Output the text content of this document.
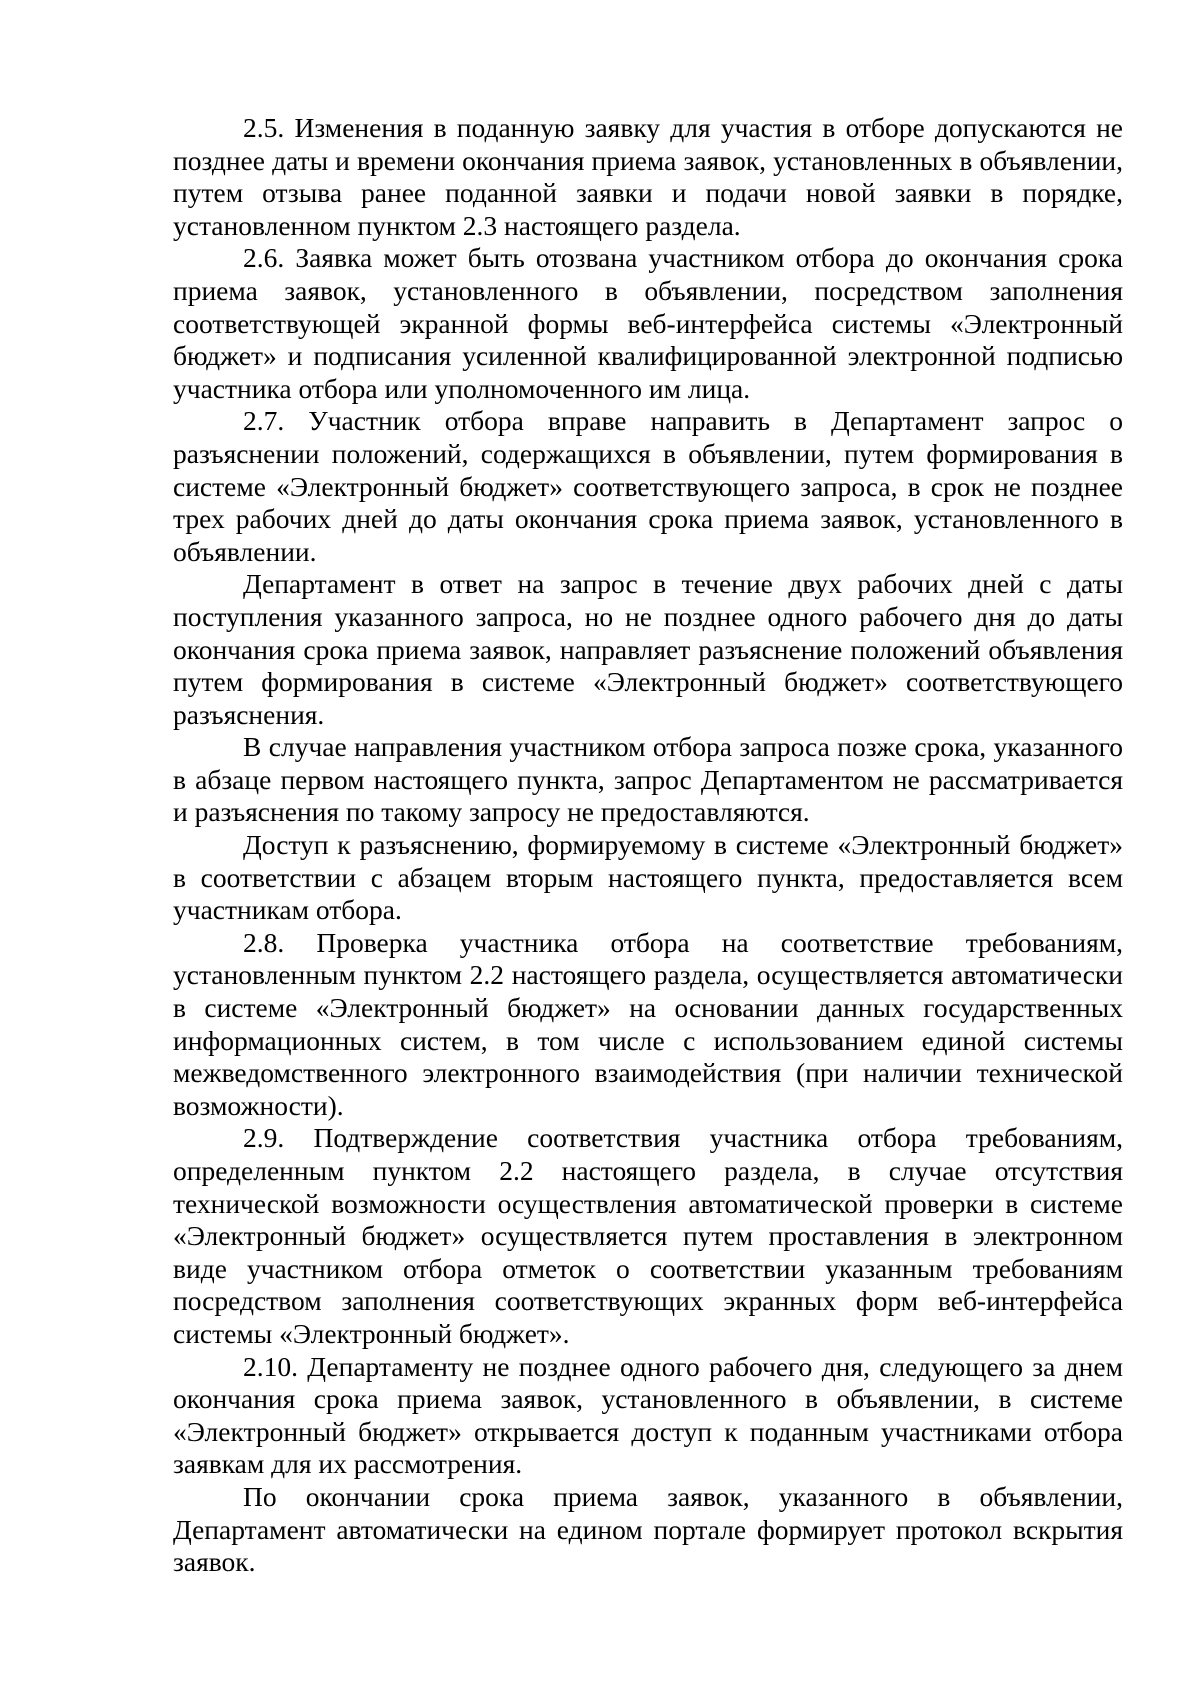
2.5. Изменения в поданную заявку для участия в отборе допускаются не позднее даты и времени окончания приема заявок, установленных в объявлении, путем отзыва ранее поданной заявки и подачи новой заявки в порядке, установленном пунктом 2.3 настоящего раздела.

2.6. Заявка может быть отозвана участником отбора до окончания срока приема заявок, установленного в объявлении, посредством заполнения соответствующей экранной формы веб-интерфейса системы «Электронный бюджет» и подписания усиленной квалифицированной электронной подписью участника отбора или уполномоченного им лица.

2.7. Участник отбора вправе направить в Департамент запрос о разъяснении положений, содержащихся в объявлении, путем формирования в системе «Электронный бюджет» соответствующего запроса, в срок не позднее трех рабочих дней до даты окончания срока приема заявок, установленного в объявлении.

Департамент в ответ на запрос в течение двух рабочих дней с даты поступления указанного запроса, но не позднее одного рабочего дня до даты окончания срока приема заявок, направляет разъяснение положений объявления путем формирования в системе «Электронный бюджет» соответствующего разъяснения.

В случае направления участником отбора запроса позже срока, указанного в абзаце первом настоящего пункта, запрос Департаментом не рассматривается и разъяснения по такому запросу не предоставляются.

Доступ к разъяснению, формируемому в системе «Электронный бюджет» в соответствии с абзацем вторым настоящего пункта, предоставляется всем участникам отбора.

2.8. Проверка участника отбора на соответствие требованиям, установленным пунктом 2.2 настоящего раздела, осуществляется автоматически в системе «Электронный бюджет» на основании данных государственных информационных систем, в том числе с использованием единой системы межведомственного электронного взаимодействия (при наличии технической возможности).

2.9. Подтверждение соответствия участника отбора требованиям, определенным пунктом 2.2 настоящего раздела, в случае отсутствия технической возможности осуществления автоматической проверки в системе «Электронный бюджет» осуществляется путем проставления в электронном виде участником отбора отметок о соответствии указанным требованиям посредством заполнения соответствующих экранных форм веб-интерфейса системы «Электронный бюджет».

2.10. Департаменту не позднее одного рабочего дня, следующего за днем окончания срока приема заявок, установленного в объявлении, в системе «Электронный бюджет» открывается доступ к поданным участниками отбора заявкам для их рассмотрения.

По окончании срока приема заявок, указанного в объявлении, Департамент автоматически на едином портале формирует протокол вскрытия заявок.
